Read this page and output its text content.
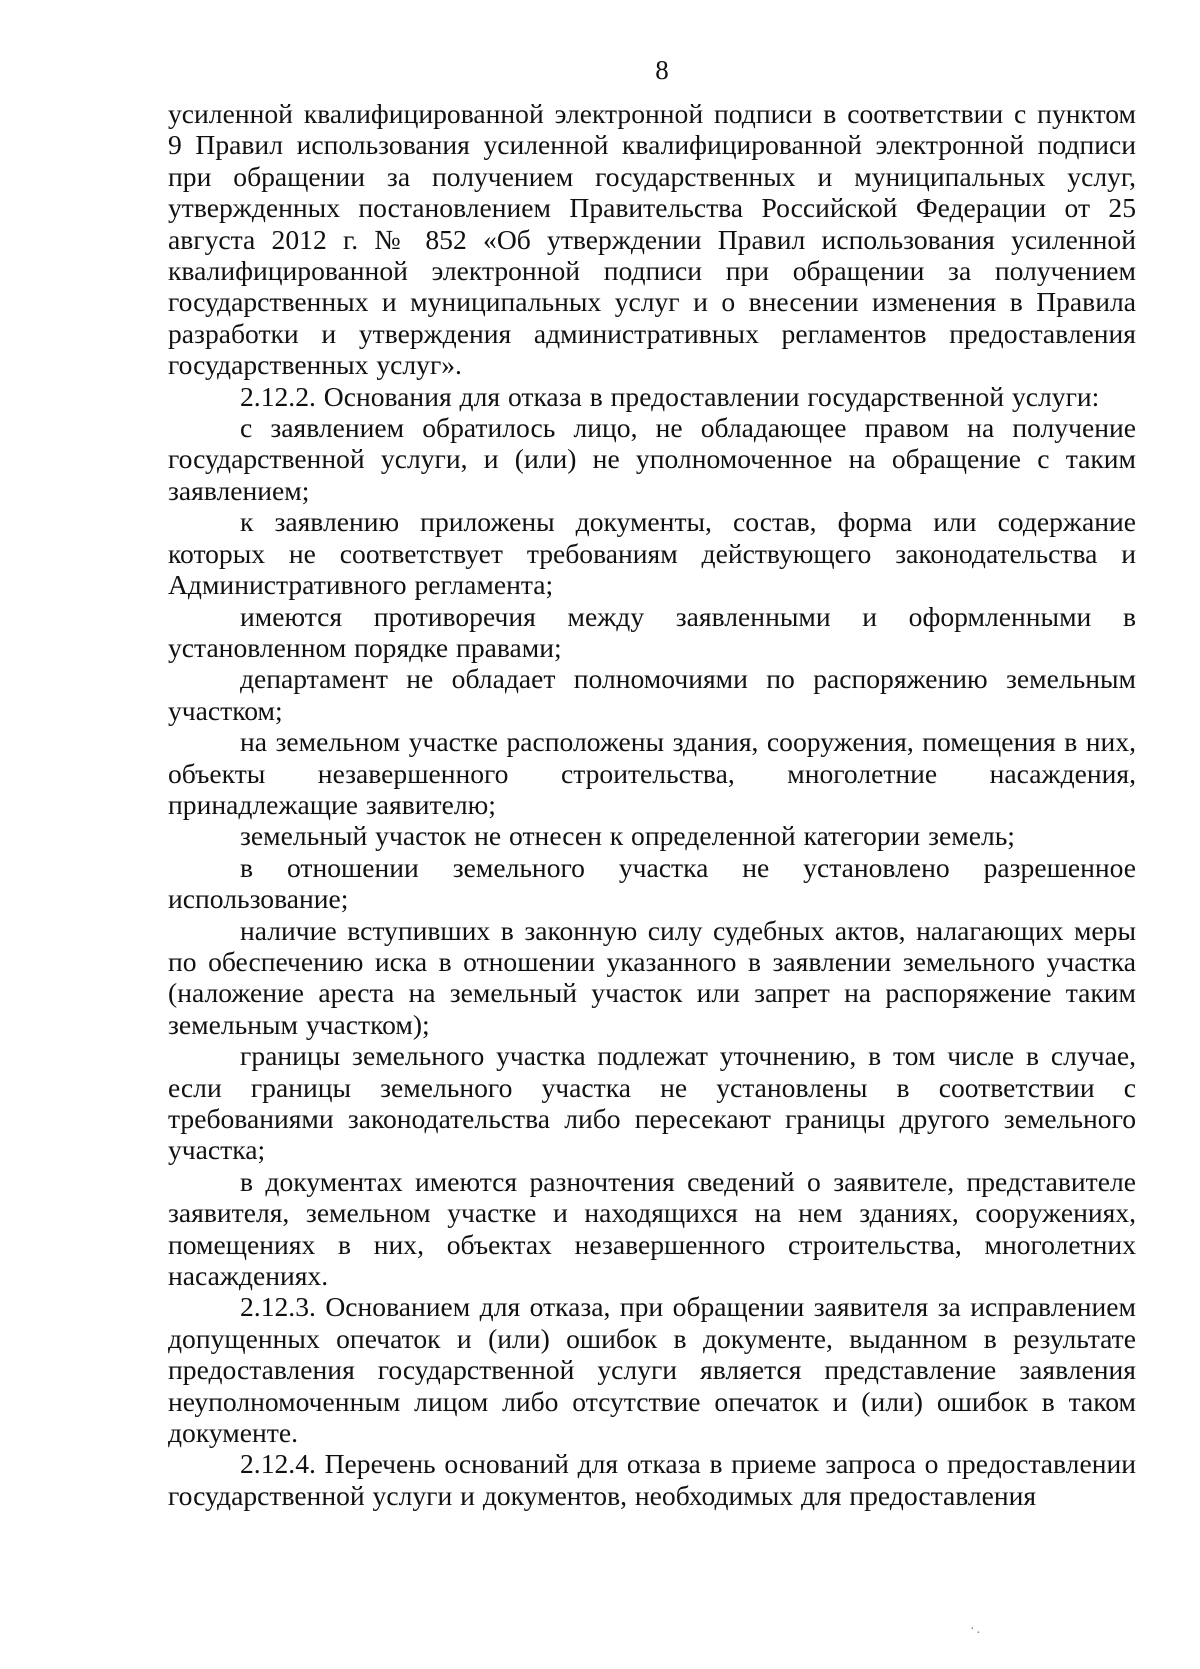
8

усиленной квалифицированной электронной подписи в соответствии с пунктом 9 Правил использования усиленной квалифицированной электронной подписи при обращении за получением государственных и муниципальных услуг, утвержденных постановлением Правительства Российской Федерации от 25 августа 2012 г. № 852 «Об утверждении Правил использования усиленной квалифицированной электронной подписи при обращении за получением государственных и муниципальных услуг и о внесении изменения в Правила разработки и утверждения административных регламентов предоставления государственных услуг».

2.12.2. Основания для отказа в предоставлении государственной услуги:

с заявлением обратилось лицо, не обладающее правом на получение государственной услуги, и (или) не уполномоченное на обращение с таким заявлением;

к заявлению приложены документы, состав, форма или содержание которых не соответствует требованиям действующего законодательства и Административного регламента;

имеются противоречия между заявленными и оформленными в установленном порядке правами;

департамент не обладает полномочиями по распоряжению земельным участком;

на земельном участке расположены здания, сооружения, помещения в них, объекты незавершенного строительства, многолетние насаждения, принадлежащие заявителю;

земельный участок не отнесен к определенной категории земель;

в отношении земельного участка не установлено разрешенное использование;

наличие вступивших в законную силу судебных актов, налагающих меры по обеспечению иска в отношении указанного в заявлении земельного участка (наложение ареста на земельный участок или запрет на распоряжение таким земельным участком);

границы земельного участка подлежат уточнению, в том числе в случае, если границы земельного участка не установлены в соответствии с требованиями законодательства либо пересекают границы другого земельного участка;

в документах имеются разночтения сведений о заявителе, представителе заявителя, земельном участке и находящихся на нем зданиях, сооружениях, помещениях в них, объектах незавершенного строительства, многолетних насаждениях.

2.12.3. Основанием для отказа, при обращении заявителя за исправлением допущенных опечаток и (или) ошибок в документе, выданном в результате предоставления государственной услуги является представление заявления неуполномоченным лицом либо отсутствие опечаток и (или) ошибок в таком документе.

2.12.4. Перечень оснований для отказа в приеме запроса о предоставлении государственной услуги и документов, необходимых для предоставления

·.
